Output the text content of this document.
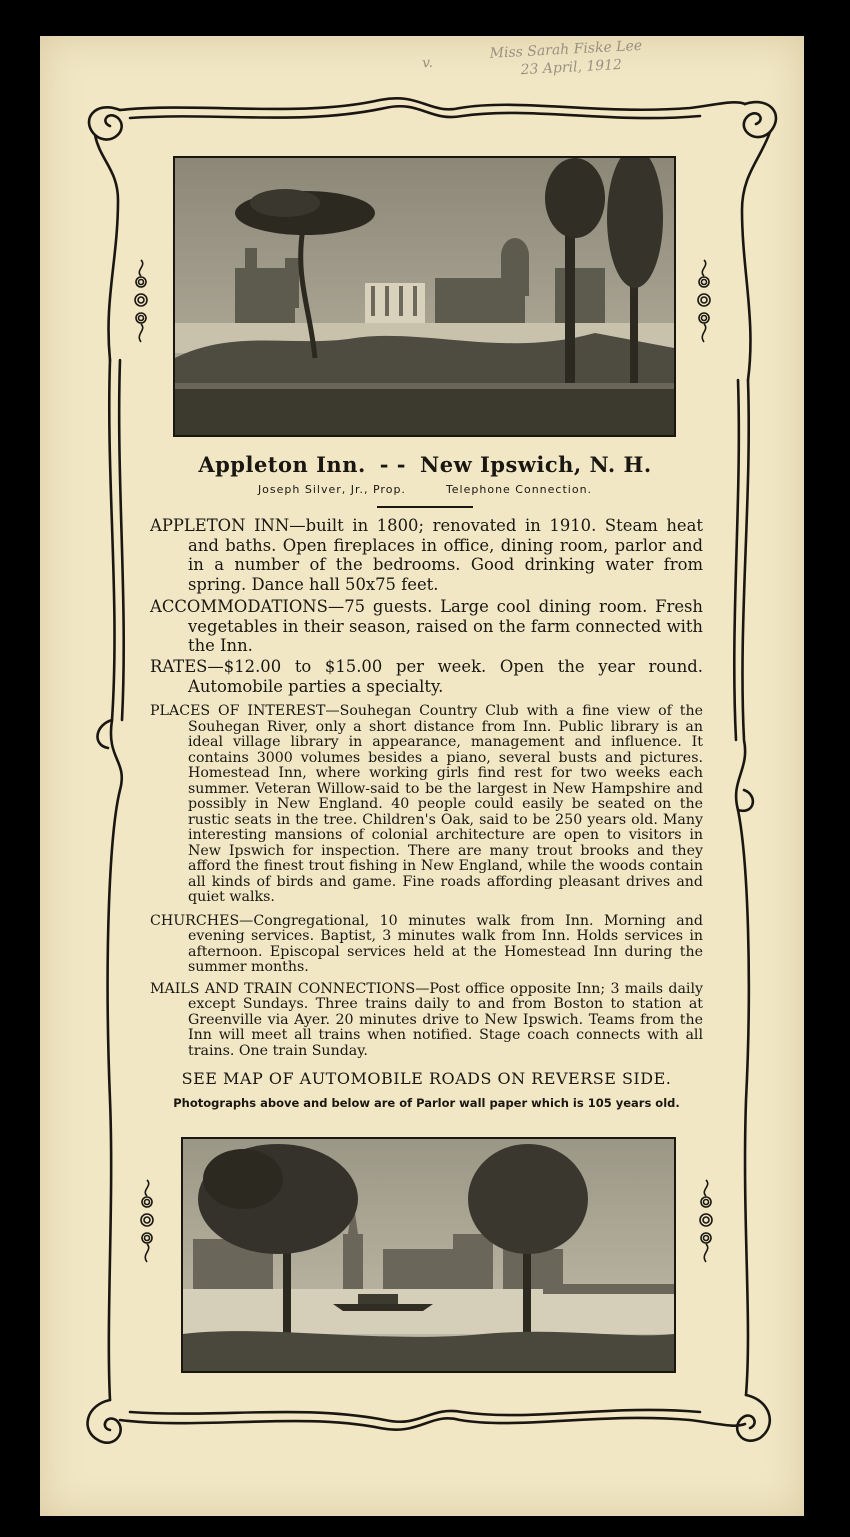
v.
Miss Sarah Fiske Lee
23 April, 1912
Appleton Inn. - - New Ipswich, N. H.
Joseph Silver, Jr., Prop.	Telephone Connection.

APPLETON INN—built in 1800; renovated in 1910. Steam heat and baths. Open fireplaces in office, dining room, parlor and in a number of the bedrooms. Good drinking water from spring. Dance hall 50x75 feet.

ACCOMMODATIONS—75 guests. Large cool dining room. Fresh vegetables in their season, raised on the farm connected with the Inn.

RATES—$12.00 to $15.00 per week. Open the year round. Automobile parties a specialty.

PLACES OF INTEREST—Souhegan Country Club with a fine view of the Souhegan River, only a short distance from Inn. Public library is an ideal village library in appearance, management and influence. It contains 3000 volumes besides a piano, several busts and pictures. Homestead Inn, where working girls find rest for two weeks each summer. Veteran Willow-said to be the largest in New Hampshire and possibly in New England. 40 people could easily be seated on the rustic seats in the tree. Children's Oak, said to be 250 years old. Many interesting mansions of colonial architecture are open to visitors in New Ipswich for inspection. There are many trout brooks and they afford the finest trout fishing in New England, while the woods contain all kinds of birds and game. Fine roads affording pleasant drives and quiet walks.

CHURCHES—Congregational, 10 minutes walk from Inn. Morning and evening services. Baptist, 3 minutes walk from Inn. Holds services in afternoon. Episcopal services held at the Homestead Inn during the summer months.

MAILS AND TRAIN CONNECTIONS—Post office opposite Inn; 3 mails daily except Sundays. Three trains daily to and from Boston to station at Greenville via Ayer. 20 minutes drive to New Ipswich. Teams from the Inn will meet all trains when notified. Stage coach connects with all trains. One train Sunday.

SEE MAP OF AUTOMOBILE ROADS ON REVERSE SIDE.

Photographs above and below are of Parlor wall paper which is 105 years old.
